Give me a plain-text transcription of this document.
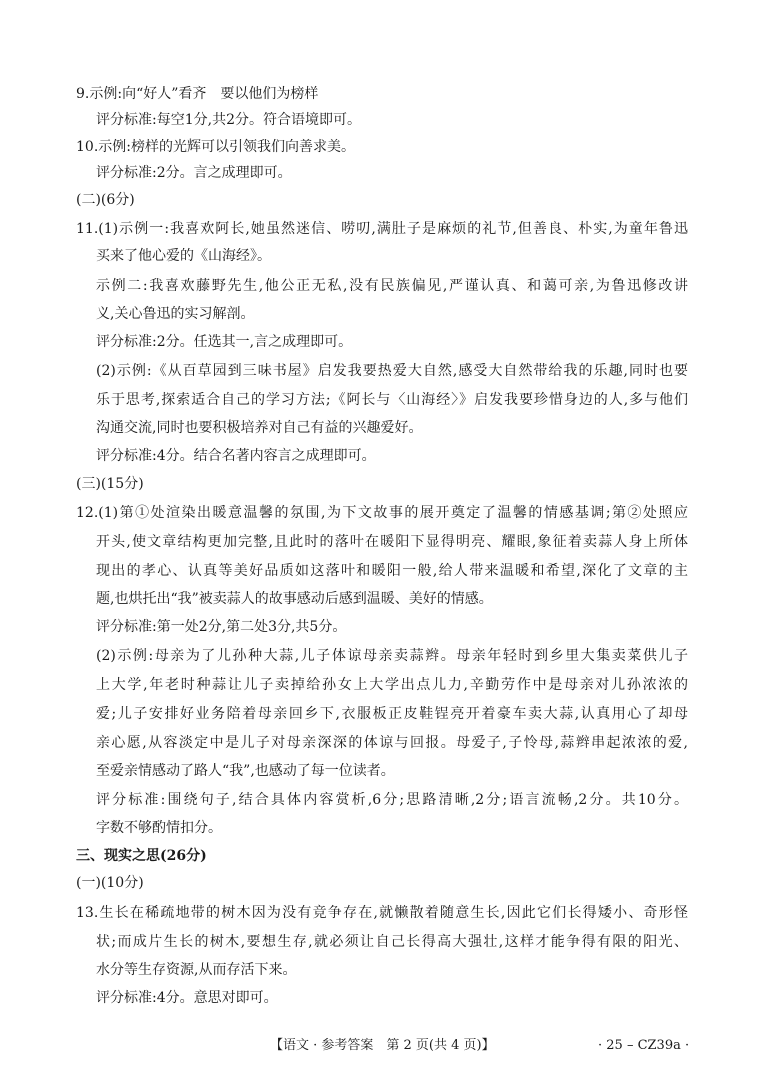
9.示例:向“好人”看齐　要以他们为榜样
评分标准:每空1分,共2分。符合语境即可。
10.示例:榜样的光辉可以引领我们向善求美。
评分标准:2分。言之成理即可。
(二)(6分)
11.(1)示例一:我喜欢阿长,她虽然迷信、唠叨,满肚子是麻烦的礼节,但善良、朴实,为童年鲁迅
买来了他心爱的《山海经》。
示例二:我喜欢藤野先生,他公正无私,没有民族偏见,严谨认真、和蔼可亲,为鲁迅修改讲
义,关心鲁迅的实习解剖。
评分标准:2分。任选其一,言之成理即可。
(2)示例:《从百草园到三味书屋》启发我要热爱大自然,感受大自然带给我的乐趣,同时也要
乐于思考,探索适合自己的学习方法;《阿长与〈山海经〉》启发我要珍惜身边的人,多与他们
沟通交流,同时也要积极培养对自己有益的兴趣爱好。
评分标准:4分。结合名著内容言之成理即可。
(三)(15分)
12.(1)第①处渲染出暖意温馨的氛围,为下文故事的展开奠定了温馨的情感基调;第②处照应
开头,使文章结构更加完整,且此时的落叶在暖阳下显得明亮、耀眼,象征着卖蒜人身上所体
现出的孝心、认真等美好品质如这落叶和暖阳一般,给人带来温暖和希望,深化了文章的主
题,也烘托出“我”被卖蒜人的故事感动后感到温暖、美好的情感。
评分标准:第一处2分,第二处3分,共5分。
(2)示例:母亲为了儿孙种大蒜,儿子体谅母亲卖蒜辫。母亲年轻时到乡里大集卖菜供儿子
上大学,年老时种蒜让儿子卖掉给孙女上大学出点儿力,辛勤劳作中是母亲对儿孙浓浓的
爱;儿子安排好业务陪着母亲回乡下,衣服板正皮鞋锃亮开着豪车卖大蒜,认真用心了却母
亲心愿,从容淡定中是儿子对母亲深深的体谅与回报。母爱子,子怜母,蒜辫串起浓浓的爱,
至爱亲情感动了路人“我”,也感动了每一位读者。
评分标准:围绕句子,结合具体内容赏析,6分;思路清晰,2分;语言流畅,2分。共10分。
字数不够酌情扣分。
三、现实之思(26分)
(一)(10分)
13.生长在稀疏地带的树木因为没有竞争存在,就懒散着随意生长,因此它们长得矮小、奇形怪
状;而成片生长的树木,要想生存,就必须让自己长得高大强壮,这样才能争得有限的阳光、
水分等生存资源,从而存活下来。
评分标准:4分。意思对即可。
【语文 · 参考答案　第 2 页(共 4 页)】	· 25 – CZ39a ·
